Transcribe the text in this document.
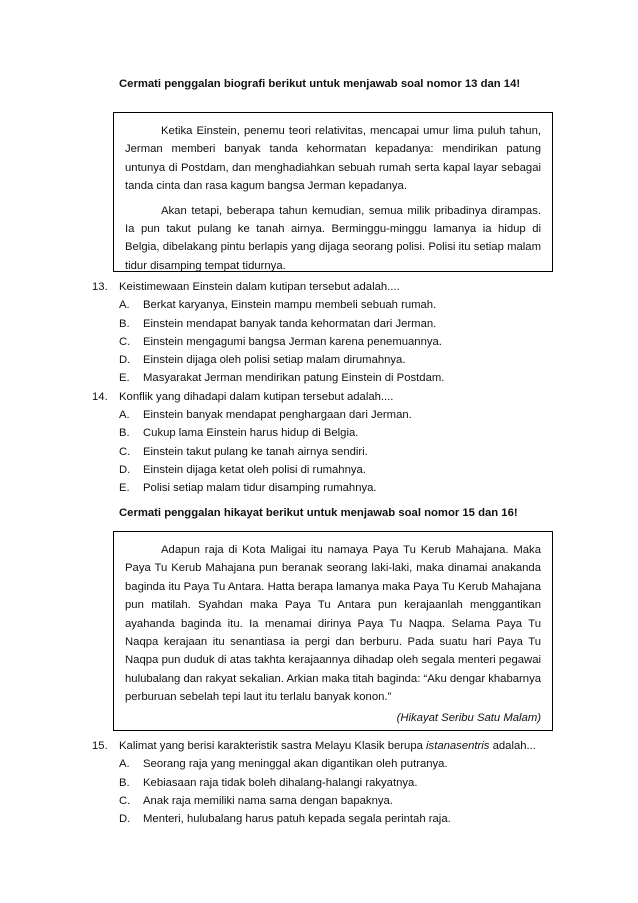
Cermati penggalan biografi berikut untuk menjawab soal nomor 13 dan 14!

Ketika Einstein, penemu teori relativitas, mencapai umur lima puluh tahun, Jerman memberi banyak tanda kehormatan kepadanya: mendirikan patung untunya di Postdam, dan menghadiahkan sebuah rumah serta kapal layar sebagai tanda cinta dan rasa kagum bangsa Jerman kepadanya.

Akan tetapi, beberapa tahun kemudian, semua milik pribadinya dirampas. Ia pun takut pulang ke tanah airnya. Berminggu-minggu lamanya ia hidup di Belgia, dibelakang pintu berlapis yang dijaga seorang polisi. Polisi itu setiap malam tidur disamping tempat tidurnya.

13. Keistimewaan Einstein dalam kutipan tersebut adalah....
A. Berkat karyanya, Einstein mampu membeli sebuah rumah.
B. Einstein mendapat banyak tanda kehormatan dari Jerman.
C. Einstein mengagumi bangsa Jerman karena penemuannya.
D. Einstein dijaga oleh polisi setiap malam dirumahnya.
E. Masyarakat Jerman mendirikan patung Einstein di Postdam.
14. Konflik yang dihadapi dalam kutipan tersebut adalah....
A. Einstein banyak mendapat penghargaan dari Jerman.
B. Cukup lama Einstein harus hidup di Belgia.
C. Einstein takut pulang ke tanah airnya sendiri.
D. Einstein dijaga ketat oleh polisi di rumahnya.
E. Polisi setiap malam tidur disamping rumahnya.
Cermati penggalan hikayat berikut untuk menjawab soal nomor 15 dan 16!

Adapun raja di Kota Maligai itu namaya Paya Tu Kerub Mahajana. Maka Paya Tu Kerub Mahajana pun beranak seorang laki-laki, maka dinamai anakanda baginda itu Paya Tu Antara. Hatta berapa lamanya maka Paya Tu Kerub Mahajana pun matilah. Syahdan maka Paya Tu Antara pun kerajaanlah menggantikan ayahanda baginda itu. Ia menamai dirinya Paya Tu Naqpa. Selama Paya Tu Naqpa kerajaan itu senantiasa ia pergi dan berburu. Pada suatu hari Paya Tu Naqpa pun duduk di atas takhta kerajaannya dihadap oleh segala menteri pegawai hulubalang dan rakyat sekalian. Arkian maka titah baginda: “Aku dengar khabarnya perburuan sebelah tepi laut itu terlalu banyak konon.”

(Hikayat Seribu Satu Malam)
15. Kalimat yang berisi karakteristik sastra Melayu Klasik berupa istanasentris adalah...
A. Seorang raja yang meninggal akan digantikan oleh putranya.
B. Kebiasaan raja tidak boleh dihalang-halangi rakyatnya.
C. Anak raja memiliki nama sama dengan bapaknya.
D. Menteri, hulubalang harus patuh kepada segala perintah raja.
